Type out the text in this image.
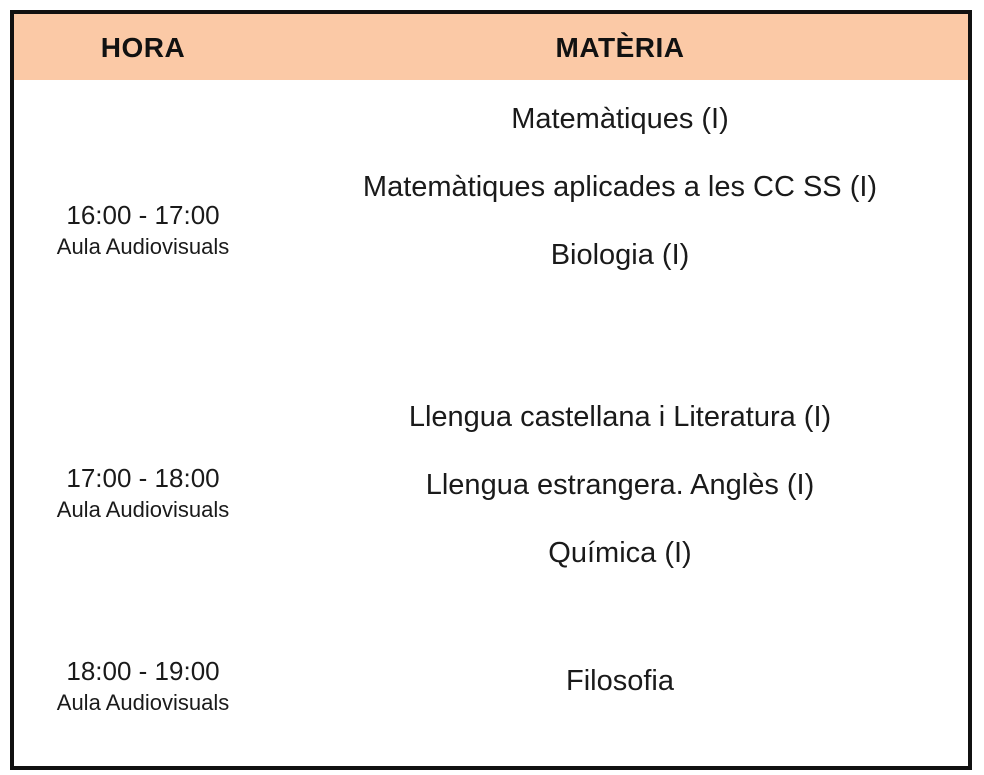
HORA	MATÈRIA
16:00 - 17:00
Aula Audiovisuals
Matemàtiques (I)
Matemàtiques aplicades a les CC SS (I)
Biologia (I)
17:00 - 18:00
Aula Audiovisuals
Llengua castellana i Literatura (I)
Llengua estrangera. Anglès (I)
Química (I)
18:00 - 19:00
Aula Audiovisuals
Filosofia
